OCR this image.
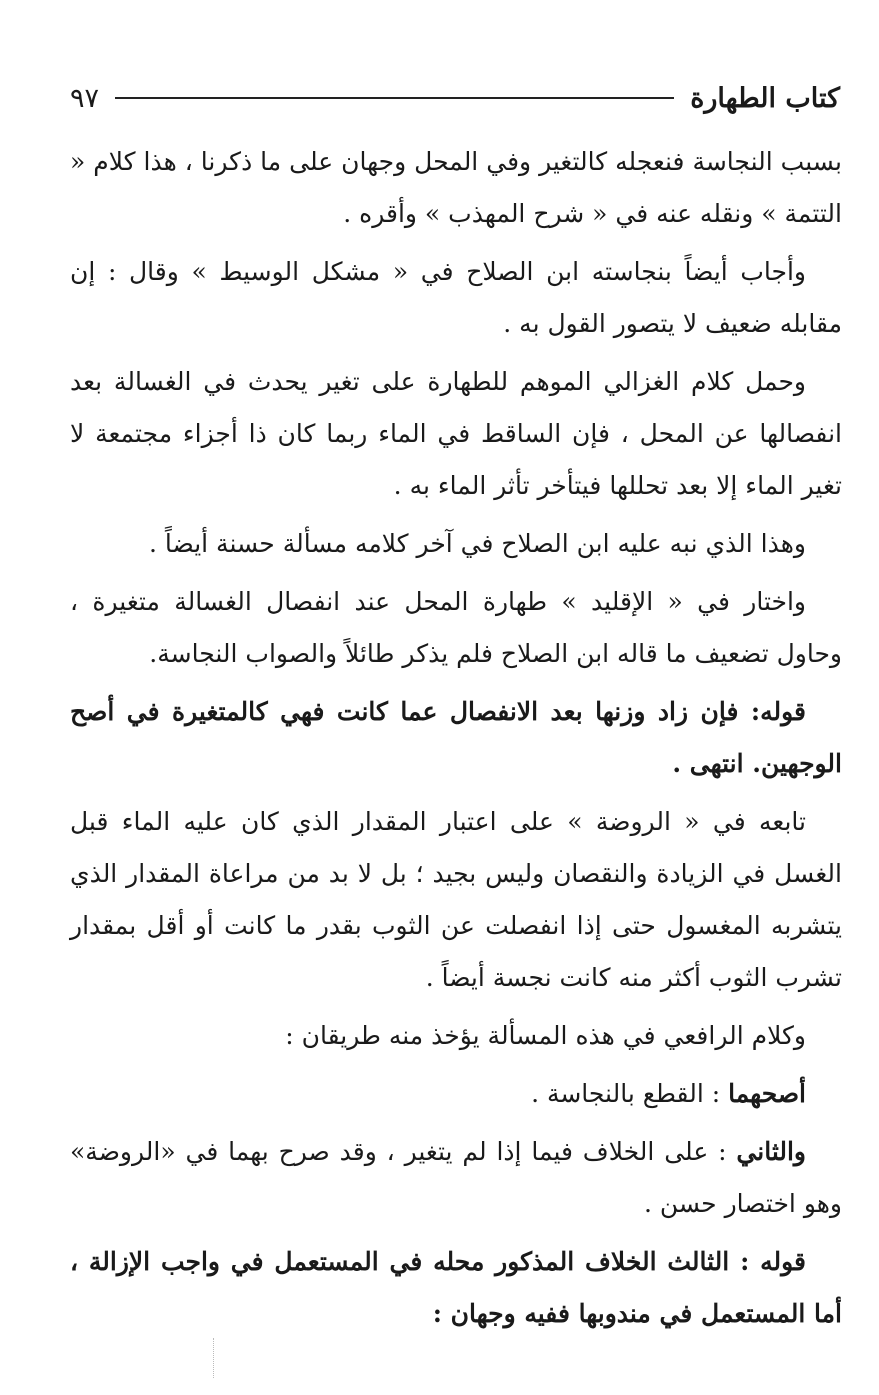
كتاب الطهارة
٩٧

بسبب النجاسة فنعجله كالتغير وفي المحل وجهان على ما ذكرنا ، هذا كلام « التتمة » ونقله عنه في « شرح المهذب » وأقره .

وأجاب أيضاً بنجاسته ابن الصلاح في « مشكل الوسيط » وقال : إن مقابله ضعيف لا يتصور القول به .

وحمل كلام الغزالي الموهم للطهارة على تغير يحدث في الغسالة بعد انفصالها عن المحل ، فإن الساقط في الماء ربما كان ذا أجزاء مجتمعة لا تغير الماء إلا بعد تحللها فيتأخر تأثر الماء به .

وهذا الذي نبه عليه ابن الصلاح في آخر كلامه مسألة حسنة أيضاً .

واختار في « الإقليد » طهارة المحل عند انفصال الغسالة متغيرة ، وحاول تضعيف ما قاله ابن الصلاح فلم يذكر طائلاً والصواب النجاسة.

قوله: فإن زاد وزنها بعد الانفصال عما كانت فهي كالمتغيرة في أصح الوجهين. انتهى .

تابعه في « الروضة » على اعتبار المقدار الذي كان عليه الماء قبل الغسل في الزيادة والنقصان وليس بجيد ؛ بل لا بد من مراعاة المقدار الذي يتشربه المغسول حتى إذا انفصلت عن الثوب بقدر ما كانت أو أقل بمقدار تشرب الثوب أكثر منه كانت نجسة أيضاً .

وكلام الرافعي في هذه المسألة يؤخذ منه طريقان :

أصحهما : القطع بالنجاسة .

والثاني : على الخلاف فيما إذا لم يتغير ، وقد صرح بهما في «الروضة» وهو اختصار حسن .

قوله : الثالث الخلاف المذكور محله في المستعمل في واجب الإزالة ، أما المستعمل في مندوبها ففيه وجهان :
